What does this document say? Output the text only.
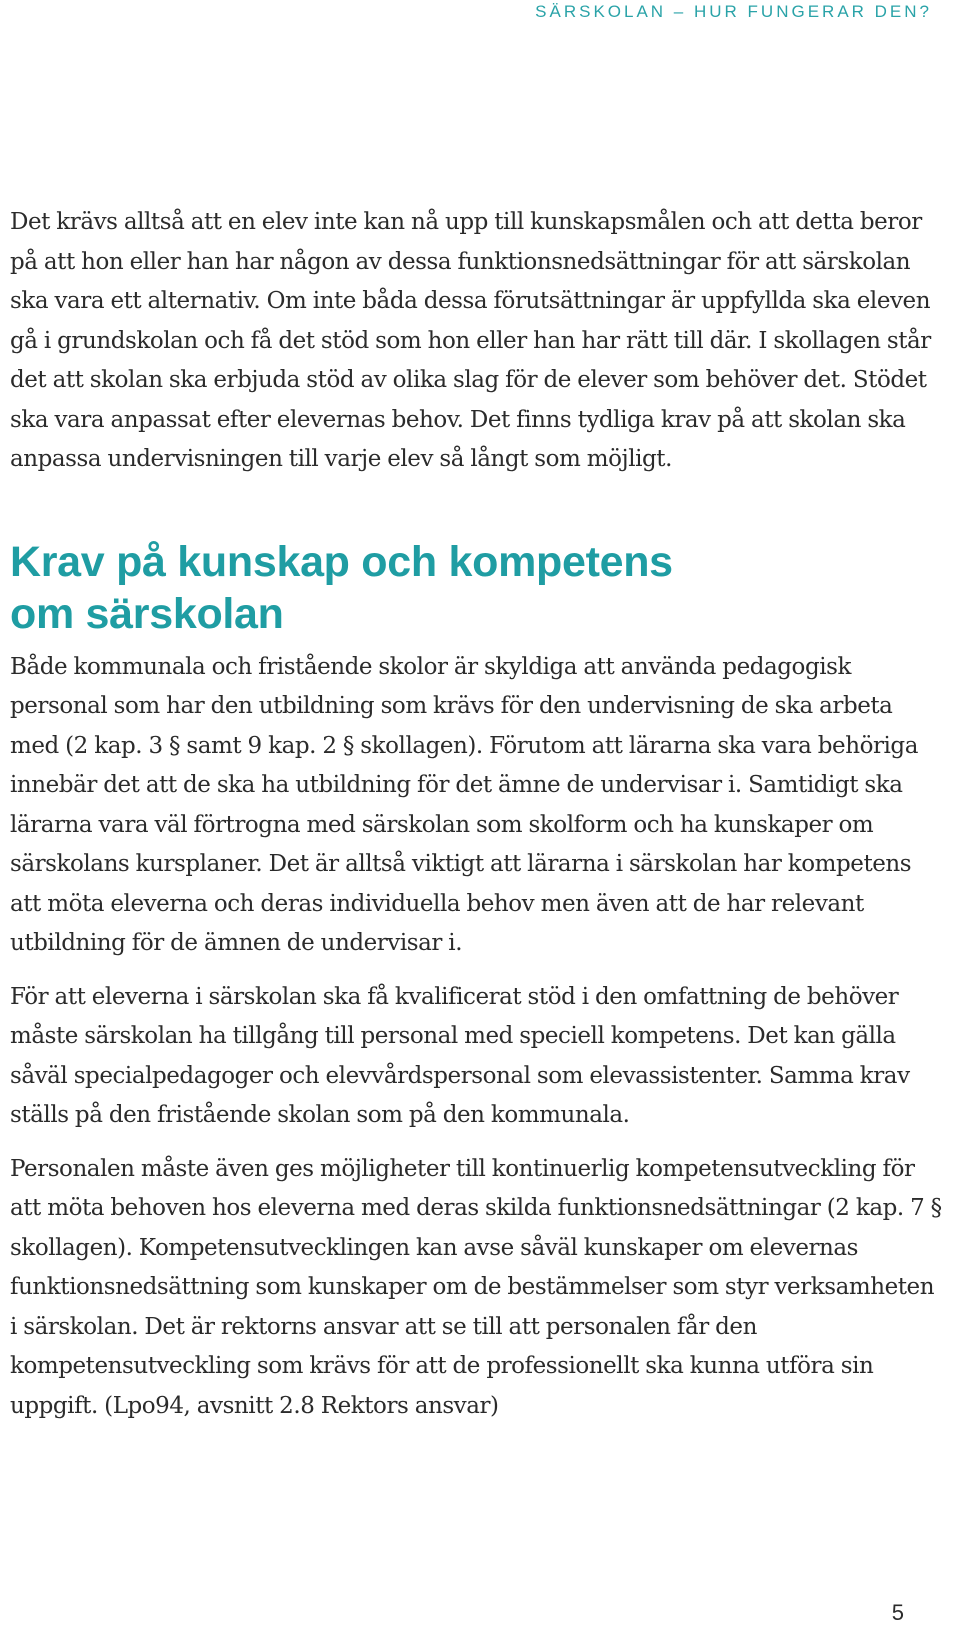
SÄRSKOLAN – HUR FUNGERAR DEN?

Det krävs alltså att en elev inte kan nå upp till kunskapsmålen och att detta beror på att hon eller han har någon av dessa funktionsnedsättningar för att särskolan ska vara ett alternativ. Om inte båda dessa förutsättningar är uppfyllda ska eleven gå i grundskolan och få det stöd som hon eller han har rätt till där. I skollagen står det att skolan ska erbjuda stöd av olika slag för de elever som behöver det. Stödet ska vara anpassat efter elevernas behov. Det finns tydliga krav på att skolan ska anpassa undervisningen till varje elev så långt som möjligt.

Krav på kunskap och kompetens
om särskolan

Både kommunala och fristående skolor är skyldiga att använda pedagogisk personal som har den utbildning som krävs för den undervisning de ska arbeta med (2 kap. 3 § samt 9 kap. 2 § skollagen). Förutom att lärarna ska vara behöriga innebär det att de ska ha utbildning för det ämne de undervisar i. Samtidigt ska lärarna vara väl förtrogna med särskolan som skolform och ha kunskaper om särskolans kursplaner. Det är alltså viktigt att lärarna i särskolan har kompetens att möta eleverna och deras individuella behov men även att de har relevant utbildning för de ämnen de undervisar i.

För att eleverna i särskolan ska få kvalificerat stöd i den omfattning de behöver måste särskolan ha tillgång till personal med speciell kompetens. Det kan gälla såväl specialpedagoger och elevvårdspersonal som elevassistenter. Samma krav ställs på den fristående skolan som på den kommunala.

Personalen måste även ges möjligheter till kontinuerlig kompetensutveckling för att möta behoven hos eleverna med deras skilda funktionsnedsättningar (2 kap. 7 § skollagen). Kompetensutvecklingen kan avse såväl kunskaper om elevernas funktionsnedsättning som kunskaper om de bestämmelser som styr verksamheten i särskolan. Det är rektorns ansvar att se till att personalen får den kompetensutveckling som krävs för att de professionellt ska kunna utföra sin uppgift. (Lpo94, avsnitt 2.8 Rektors ansvar)

5
